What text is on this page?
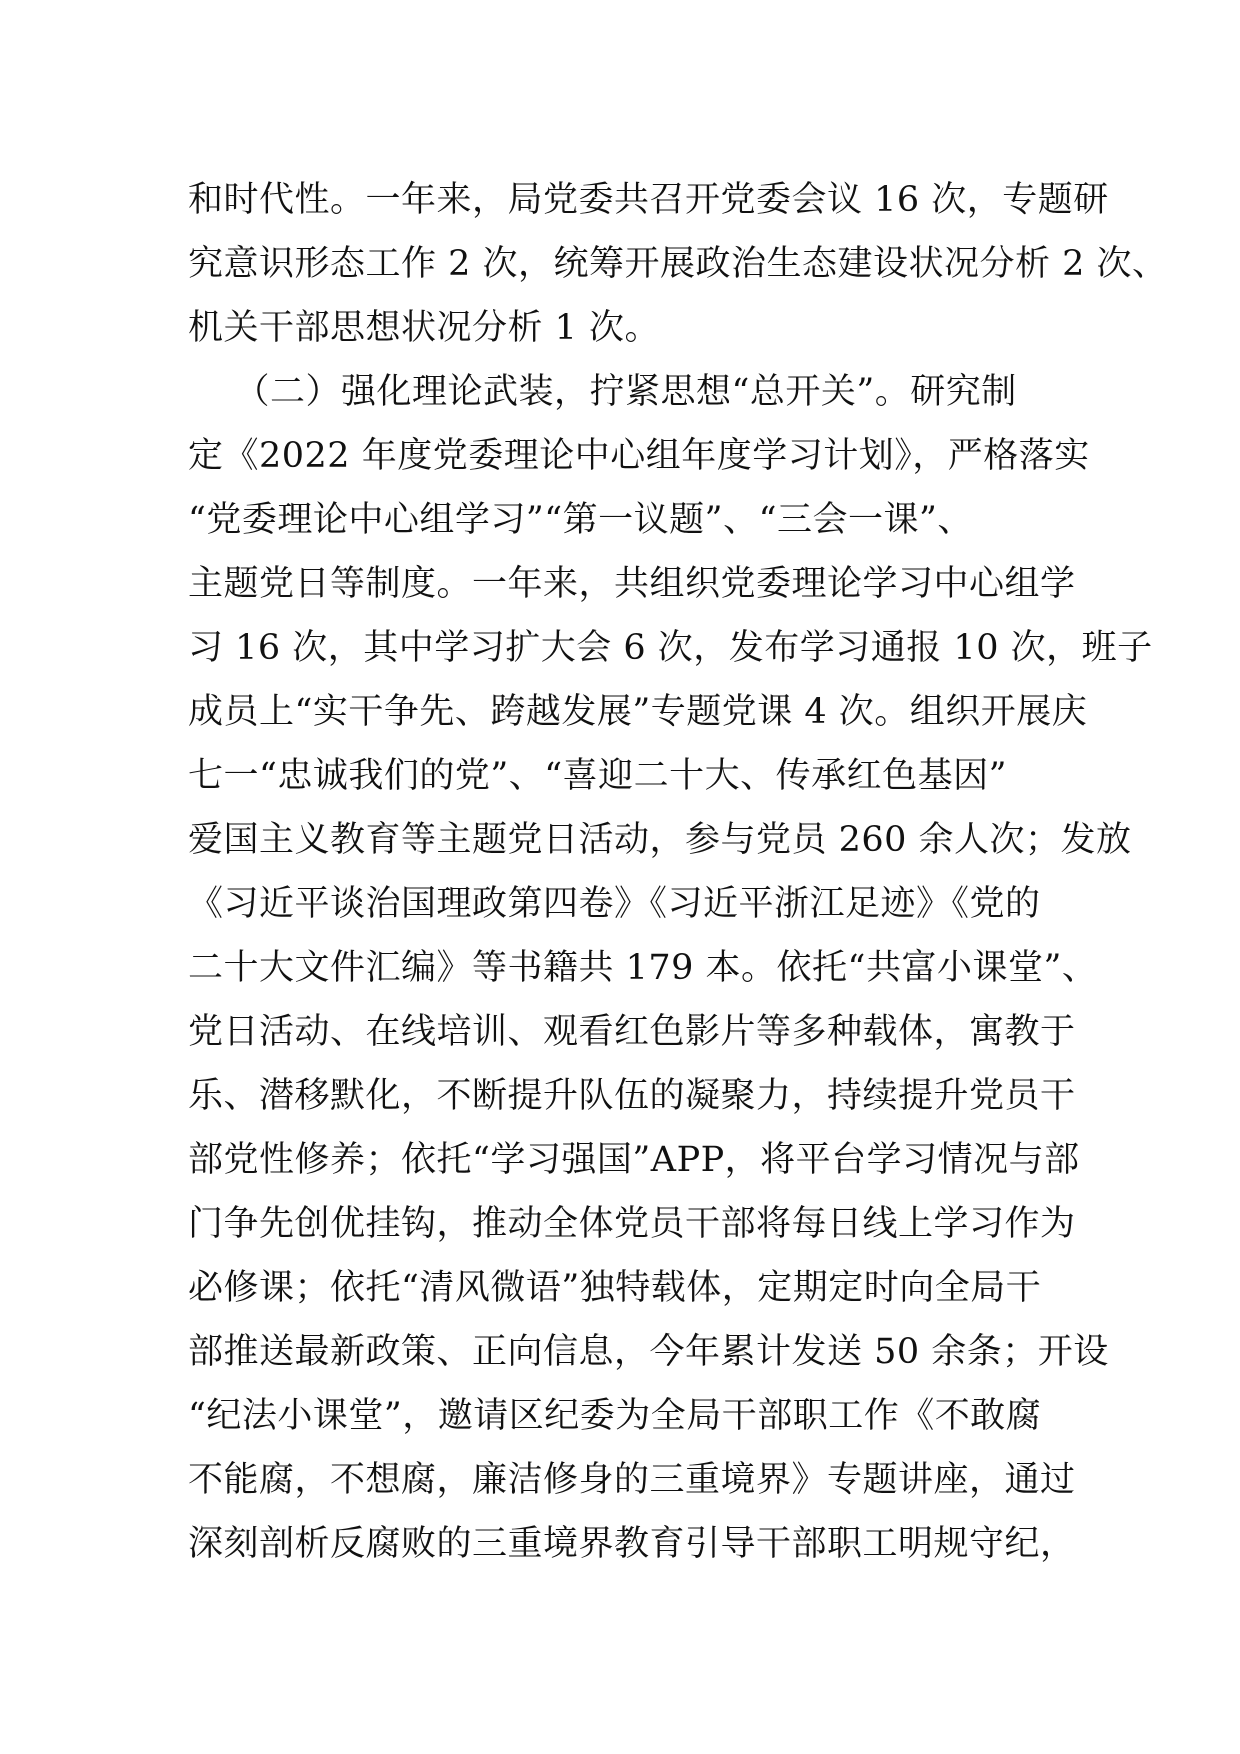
和时代性。一年来，局党委共召开党委会议 16 次，专题研
究意识形态工作 2 次，统筹开展政治生态建设状况分析 2 次、
机关干部思想状况分析 1 次。
（二）强化理论武装，拧紧思想“总开关”。研究制
定《2022 年度党委理论中心组年度学习计划》，严格落实
“党委理论中心组学习”“第一议题”、“三会一课”、
主题党日等制度。一年来，共组织党委理论学习中心组学
习 16 次，其中学习扩大会 6 次，发布学习通报 10 次，班子
成员上“实干争先、跨越发展”专题党课 4 次。组织开展庆
七一“忠诚我们的党”、“喜迎二十大、传承红色基因”
爱国主义教育等主题党日活动，参与党员 260 余人次；发放
《习近平谈治国理政第四卷》《习近平浙江足迹》《党的
二十大文件汇编》等书籍共 179 本。依托“共富小课堂”、
党日活动、在线培训、观看红色影片等多种载体，寓教于
乐、潜移默化，不断提升队伍的凝聚力，持续提升党员干
部党性修养；依托“学习强国”APP，将平台学习情况与部
门争先创优挂钩，推动全体党员干部将每日线上学习作为
必修课；依托“清风微语”独特载体，定期定时向全局干
部推送最新政策、正向信息，今年累计发送 50 余条；开设
“纪法小课堂”，邀请区纪委为全局干部职工作《不敢腐
不能腐，不想腐，廉洁修身的三重境界》专题讲座，通过
深刻剖析反腐败的三重境界教育引导干部职工明规守纪，
